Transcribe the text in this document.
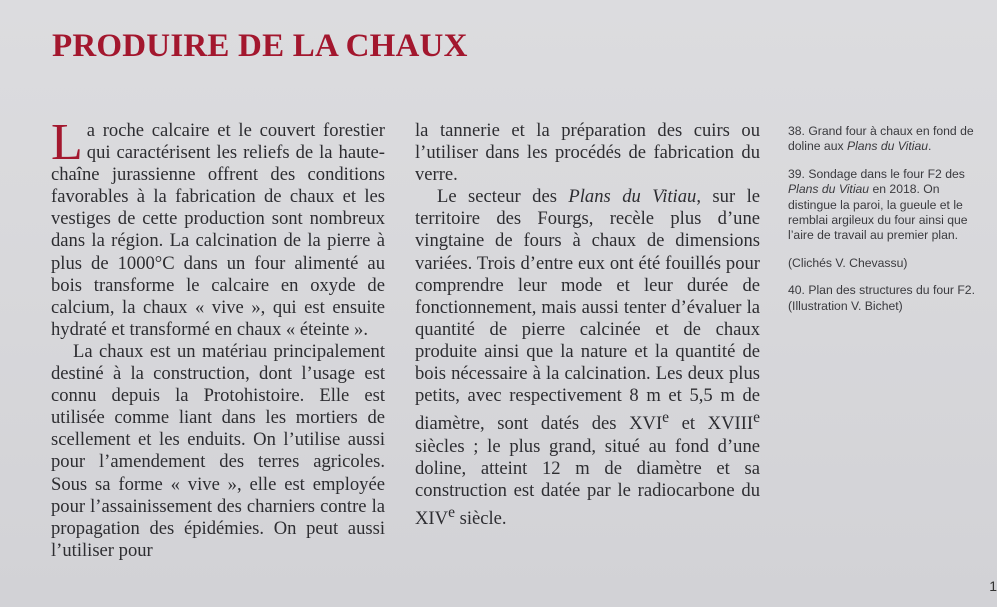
PRODUIRE DE LA CHAUX

La roche calcaire et le couvert forestier qui caractérisent les reliefs de la haute-chaîne jurassienne offrent des conditions favorables à la fabrication de chaux et les vestiges de cette production sont nombreux dans la région. La calcination de la pierre à plus de 1000°C dans un four alimenté au bois transforme le calcaire en oxyde de calcium, la chaux « vive », qui est ensuite hydraté et transformé en chaux « éteinte ».

La chaux est un matériau principalement destiné à la construction, dont l’usage est connu depuis la Protohistoire. Elle est utilisée comme liant dans les mortiers de scellement et les enduits. On l’utilise aussi pour l’amendement des terres agricoles. Sous sa forme « vive », elle est employée pour l’assainissement des charniers contre la propagation des épidémies. On peut aussi l’utiliser pour

la tannerie et la préparation des cuirs ou l’utiliser dans les procédés de fabrication du verre.

Le secteur des Plans du Vitiau, sur le territoire des Fourgs, recèle plus d’une vingtaine de fours à chaux de dimensions variées. Trois d’entre eux ont été fouillés pour comprendre leur mode et leur durée de fonctionnement, mais aussi tenter d’évaluer la quantité de pierre calcinée et de chaux produite ainsi que la nature et la quantité de bois nécessaire à la calcination. Les deux plus petits, avec respectivement 8 m et 5,5 m de diamètre, sont datés des XVIe et XVIIIe siècles ; le plus grand, situé au fond d’une doline, atteint 12 m de diamètre et sa construction est datée par le radiocarbone du XIVe siècle.

38. Grand four à chaux en fond de doline aux Plans du Vitiau.

39. Sondage dans le four F2 des Plans du Vitiau en 2018. On distingue la paroi, la gueule et le remblai argileux du four ainsi que l’aire de travail au premier plan.

(Clichés V. Chevassu)

40. Plan des structures du four F2. (Illustration V. Bichet)

1
